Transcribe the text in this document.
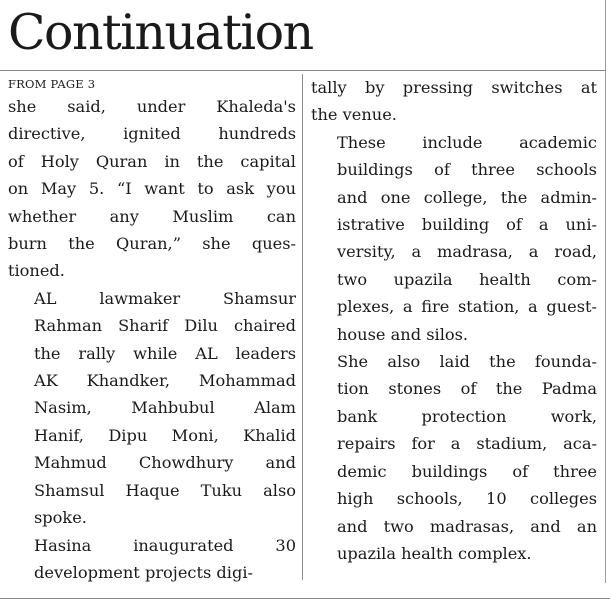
Continuation
FROM PAGE 3

she said, under Khaleda's
directive, ignited hundreds
of Holy Quran in the capital
on May 5. “I want to ask you
whether any Muslim can
burn the Quran,” she ques-
tioned.

AL lawmaker Shamsur
Rahman Sharif Dilu chaired
the rally while AL leaders
AK Khandker, Mohammad
Nasim, Mahbubul Alam
Hanif, Dipu Moni, Khalid
Mahmud Chowdhury and
Shamsul Haque Tuku also
spoke.

Hasina inaugurated 30
development projects digi-

tally by pressing switches at
the venue.

These include academic
buildings of three schools
and one college, the admin-
istrative building of a uni-
versity, a madrasa, a road,
two upazila health com-
plexes, a fire station, a guest-
house and silos.

She also laid the founda-
tion stones of the Padma
bank protection work,
repairs for a stadium, aca-
demic buildings of three
high schools, 10 colleges
and two madrasas, and an
upazila health complex.
